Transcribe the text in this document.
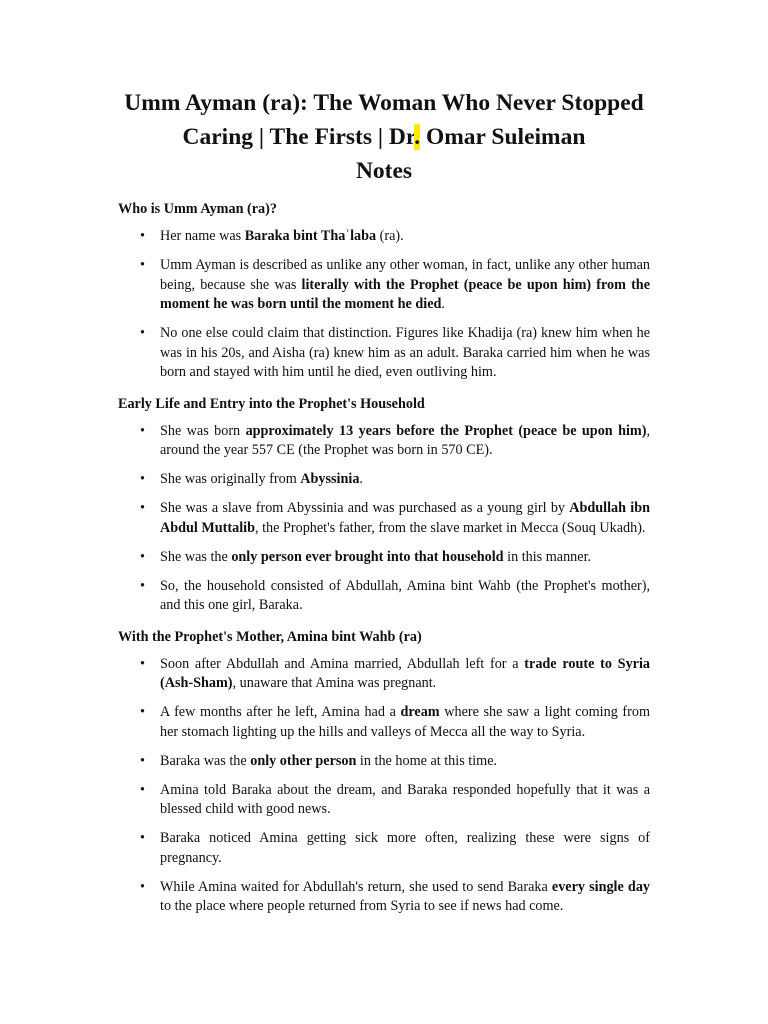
Umm Ayman (ra): The Woman Who Never Stopped
Caring | The Firsts | Dr. Omar Suleiman
Notes
Who is Umm Ayman (ra)?
• Her name was Baraka bint Thaʿlaba (ra).
• Umm Ayman is described as unlike any other woman, in fact, unlike any other human being, because she was literally with the Prophet (peace be upon him) from the moment he was born until the moment he died.
• No one else could claim that distinction. Figures like Khadija (ra) knew him when he was in his 20s, and Aisha (ra) knew him as an adult. Baraka carried him when he was born and stayed with him until he died, even outliving him.
Early Life and Entry into the Prophet's Household
• She was born approximately 13 years before the Prophet (peace be upon him), around the year 557 CE (the Prophet was born in 570 CE).
• She was originally from Abyssinia.
• She was a slave from Abyssinia and was purchased as a young girl by Abdullah ibn Abdul Muttalib, the Prophet's father, from the slave market in Mecca (Souq Ukadh).
• She was the only person ever brought into that household in this manner.
• So, the household consisted of Abdullah, Amina bint Wahb (the Prophet's mother), and this one girl, Baraka.
With the Prophet's Mother, Amina bint Wahb (ra)
• Soon after Abdullah and Amina married, Abdullah left for a trade route to Syria (Ash-Sham), unaware that Amina was pregnant.
• A few months after he left, Amina had a dream where she saw a light coming from her stomach lighting up the hills and valleys of Mecca all the way to Syria.
• Baraka was the only other person in the home at this time.
• Amina told Baraka about the dream, and Baraka responded hopefully that it was a blessed child with good news.
• Baraka noticed Amina getting sick more often, realizing these were signs of pregnancy.
• While Amina waited for Abdullah's return, she used to send Baraka every single day to the place where people returned from Syria to see if news had come.
